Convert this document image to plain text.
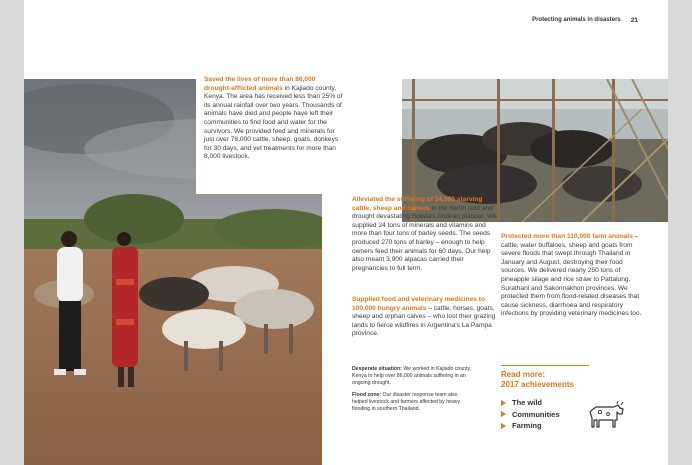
Protecting animals in disasters 21
Saved the lives of more than 86,000 drought-afflicted animals in Kajiado county, Kenya. The area has received less than 25% of its annual rainfall over two years. Thousands of animals have died and people have left their communities to find food and water for the survivors. We provided feed and minerals for just over 78,000 cattle, sheep, goats, donkeys for 30 days, and vet treatments for more than 8,000 livestock.
Alleviated the suffering of 34,000 starving cattle, sheep and camels in the harsh cold and drought devastating Bolivia's Andean plateau. We supplied 24 tons of minerals and vitamins and more than four tons of barley seeds. The seeds produced 270 tons of barley – enough to help owners feed their animals for 60 days. Our help also meant 3,900 alpacas carried their pregnancies to full term.
Supplied food and veterinary medicines to 100,000 hungry animals – cattle, horses, goats, sheep and orphan calves – who lost their grazing lands to fierce wildfires in Argentina's La Pampa province.
Protected more than 110,000 farm animals – cattle, water buffaloes, sheep and goats from severe floods that swept through Thailand in January and August, destroying their food sources. We delivered nearly 250 tons of pineapple silage and rice straw to Pattalung, Surathani and Sakonnakhon provinces. We protected them from flood-related diseases that cause sickness, diarrhoea and respiratory infections by providing veterinary medicines too.

Desperate situation: We worked in Kajiado county, Kenya to help over 86,000 animals suffering in an ongoing drought.

Flood zone: Our disaster response team also helped livestock and farmers affected by heavy flooding in southern Thailand.

Read more:
2017 achievements
The wild
Communities
Farming
